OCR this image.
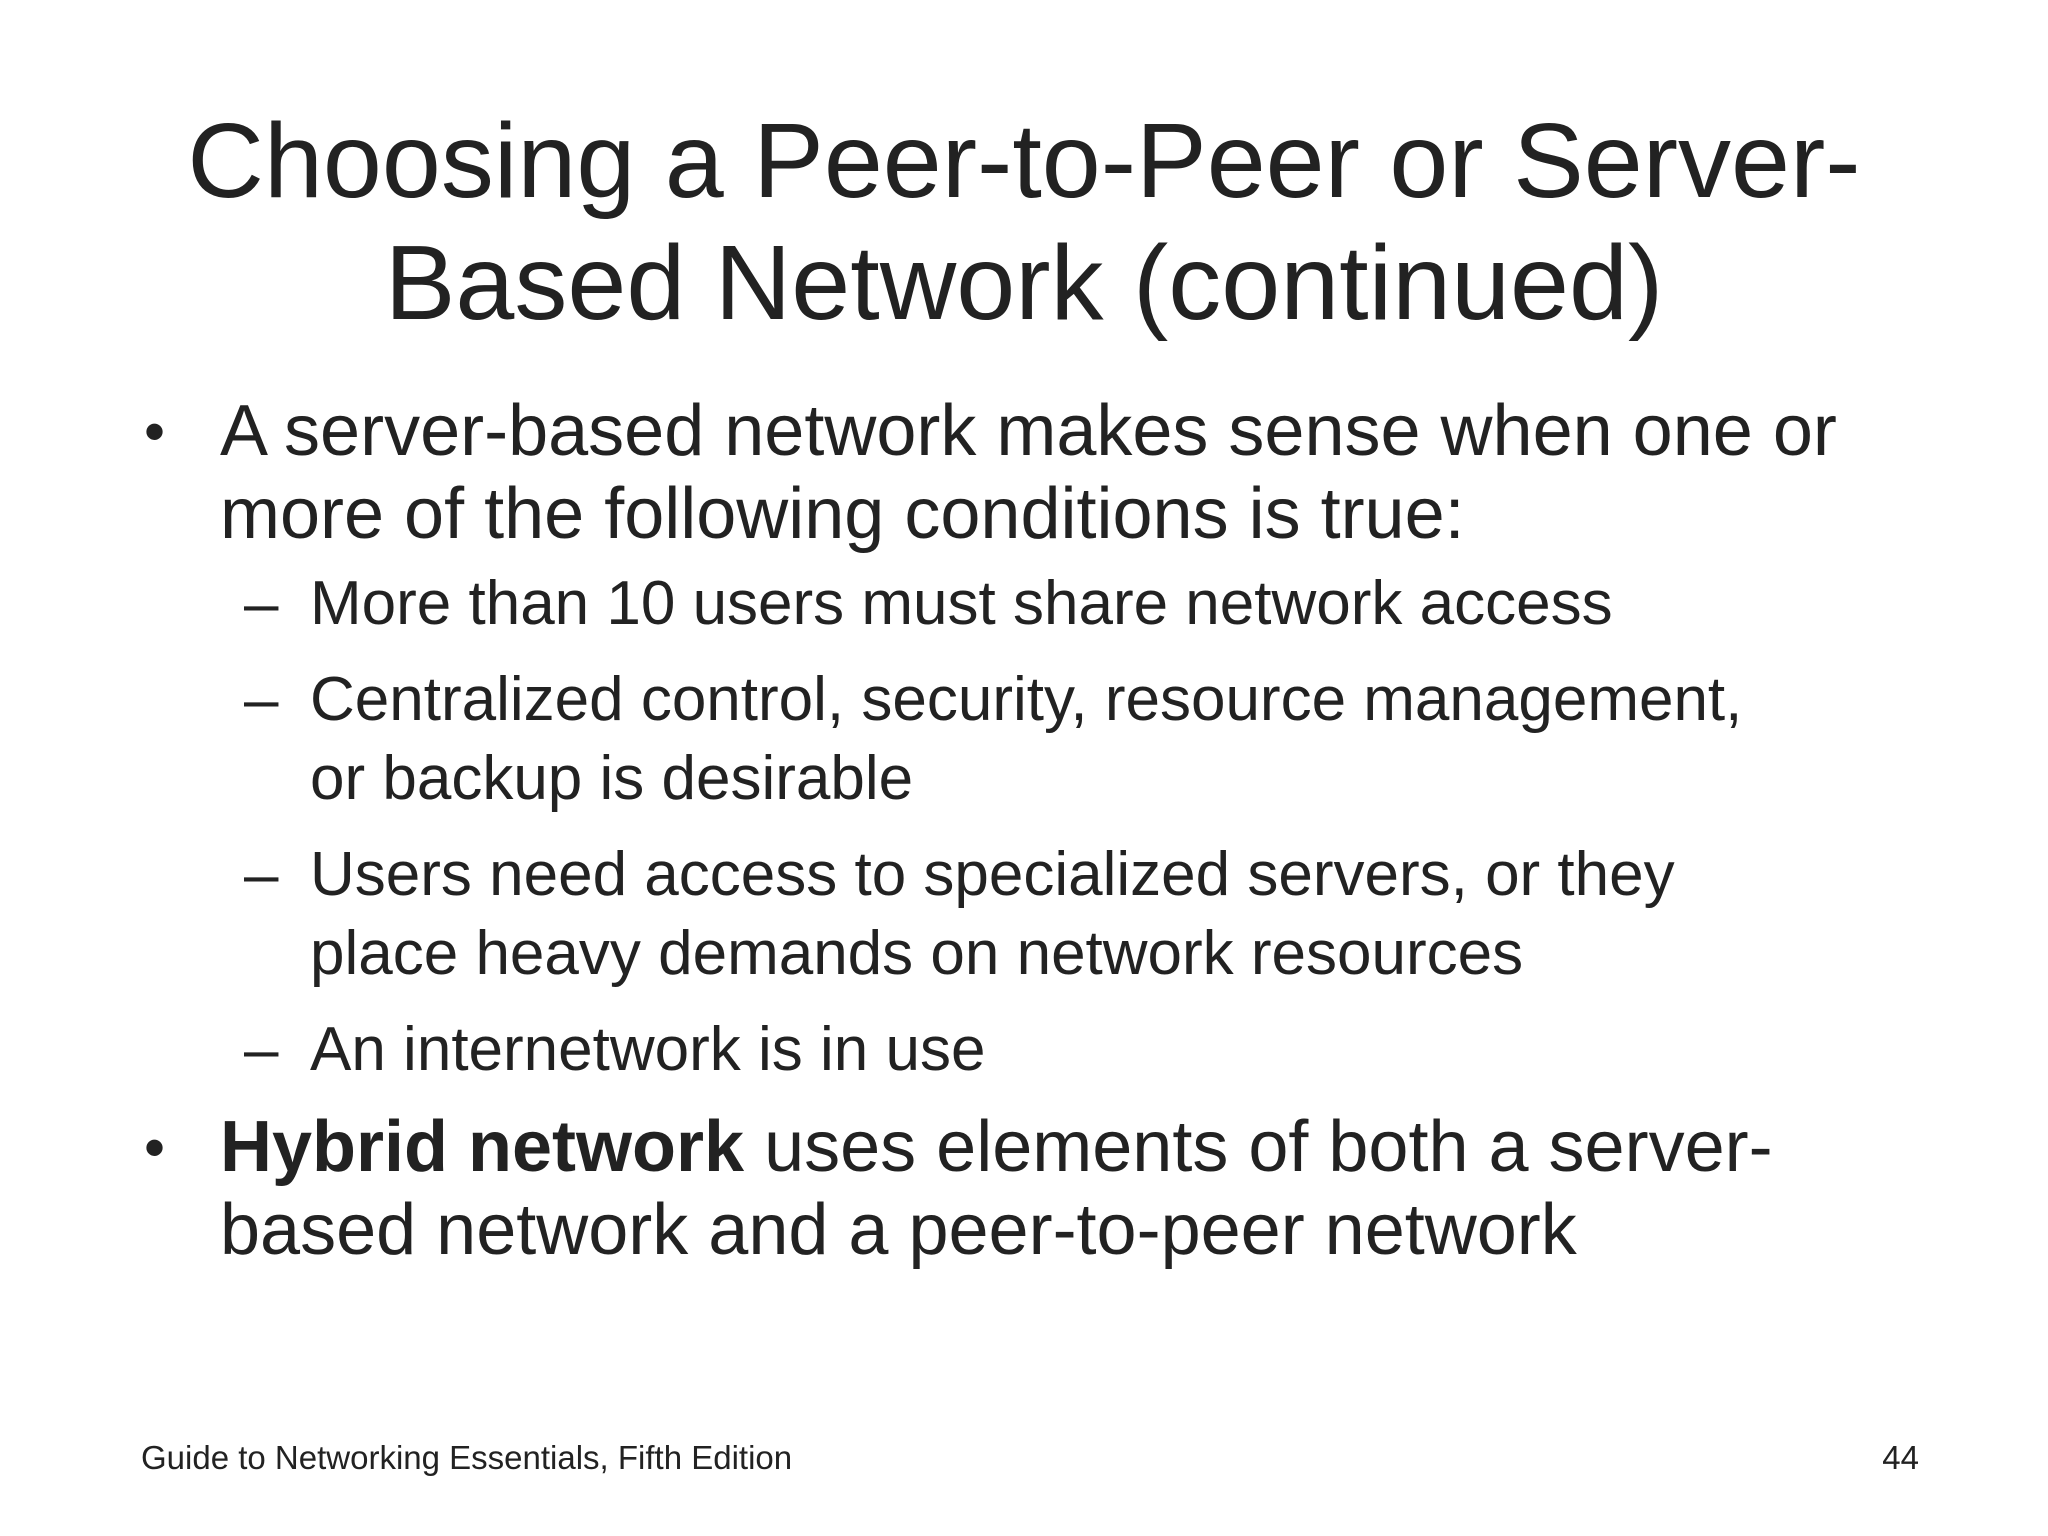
Choosing a Peer-to-Peer or Server-
Based Network (continued)
• A server-based network makes sense when one or
more of the following conditions is true:
– More than 10 users must share network access
– Centralized control, security, resource management,
or backup is desirable
– Users need access to specialized servers, or they
place heavy demands on network resources
– An internetwork is in use
• Hybrid network uses elements of both a server-
based network and a peer-to-peer network
Guide to Networking Essentials, Fifth Edition	44
